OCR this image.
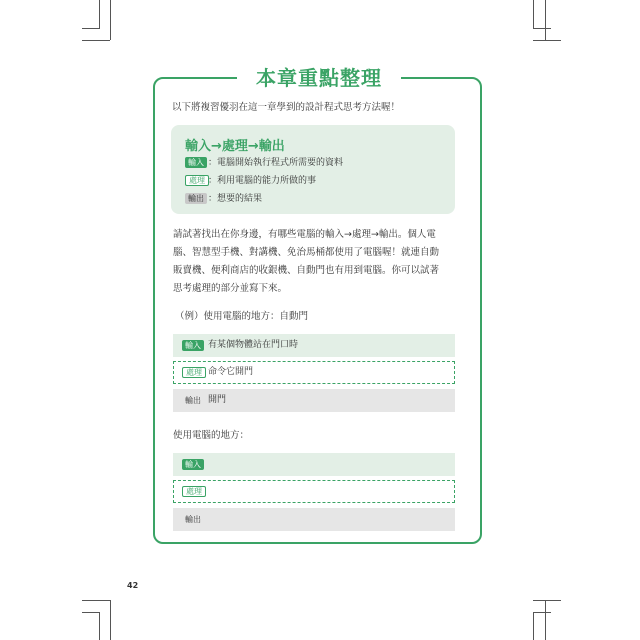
本章重點整理
以下將複習優羽在這一章學到的設計程式思考方法喔！
輸入→處理→輸出
輸入 ：電腦開始執行程式所需要的資料
處理 ：利用電腦的能力所做的事
輸出 ：想要的結果
請試著找出在你身邊，有哪些電腦的輸入→處理→輸出。個人電
腦、智慧型手機、對講機、免治馬桶都使用了電腦喔！就連自動
販賣機、便利商店的收銀機、自動門也有用到電腦。你可以試著
思考處理的部分並寫下來。
（例）使用電腦的地方：自動門
輸入 有某個物體站在門口時
處理 命令它開門
輸出 開門
使用電腦的地方：
輸入
處理
輸出
42
